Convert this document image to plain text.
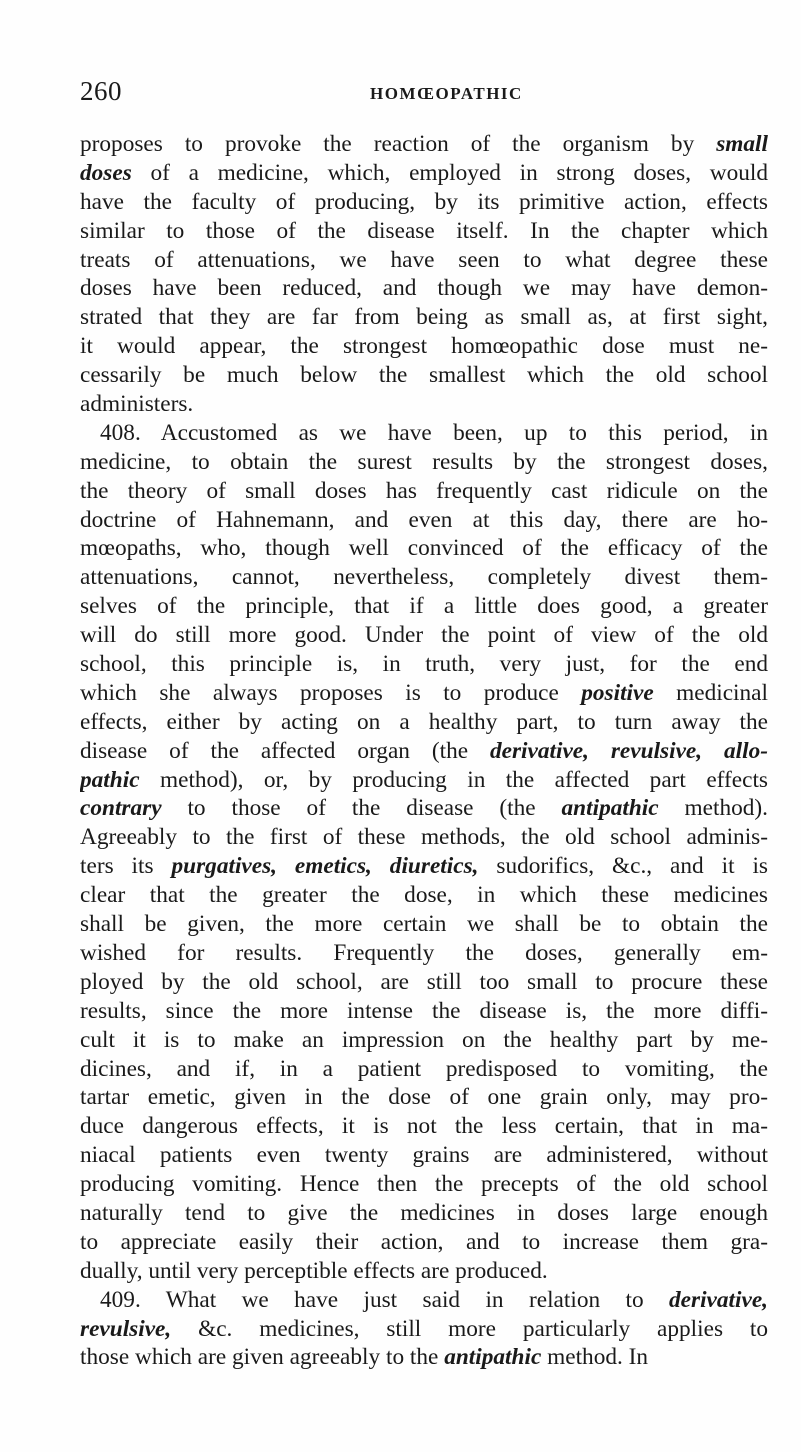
260	HOMŒOPATHIC
proposes to provoke the reaction of the organism by small
doses of a medicine, which, employed in strong doses, would
have the faculty of producing, by its primitive action, effects
similar to those of the disease itself. In the chapter which
treats of attenuations, we have seen to what degree these
doses have been reduced, and though we may have demon-
strated that they are far from being as small as, at first sight,
it would appear, the strongest homœopathic dose must ne-
cessarily be much below the smallest which the old school
administers.
408. Accustomed as we have been, up to this period, in
medicine, to obtain the surest results by the strongest doses,
the theory of small doses has frequently cast ridicule on the
doctrine of Hahnemann, and even at this day, there are ho-
mœopaths, who, though well convinced of the efficacy of the
attenuations, cannot, nevertheless, completely divest them-
selves of the principle, that if a little does good, a greater
will do still more good. Under the point of view of the old
school, this principle is, in truth, very just, for the end
which she always proposes is to produce positive medicinal
effects, either by acting on a healthy part, to turn away the
disease of the affected organ (the derivative, revulsive, allo-
pathic method), or, by producing in the affected part effects
contrary to those of the disease (the antipathic method).
Agreeably to the first of these methods, the old school adminis-
ters its purgatives, emetics, diuretics, sudorifics, &c., and it is
clear that the greater the dose, in which these medicines
shall be given, the more certain we shall be to obtain the
wished for results. Frequently the doses, generally em-
ployed by the old school, are still too small to procure these
results, since the more intense the disease is, the more diffi-
cult it is to make an impression on the healthy part by me-
dicines, and if, in a patient predisposed to vomiting, the
tartar emetic, given in the dose of one grain only, may pro-
duce dangerous effects, it is not the less certain, that in ma-
niacal patients even twenty grains are administered, without
producing vomiting. Hence then the precepts of the old school
naturally tend to give the medicines in doses large enough
to appreciate easily their action, and to increase them gra-
dually, until very perceptible effects are produced.
409. What we have just said in relation to derivative,
revulsive, &c. medicines, still more particularly applies to
those which are given agreeably to the antipathic method. In
